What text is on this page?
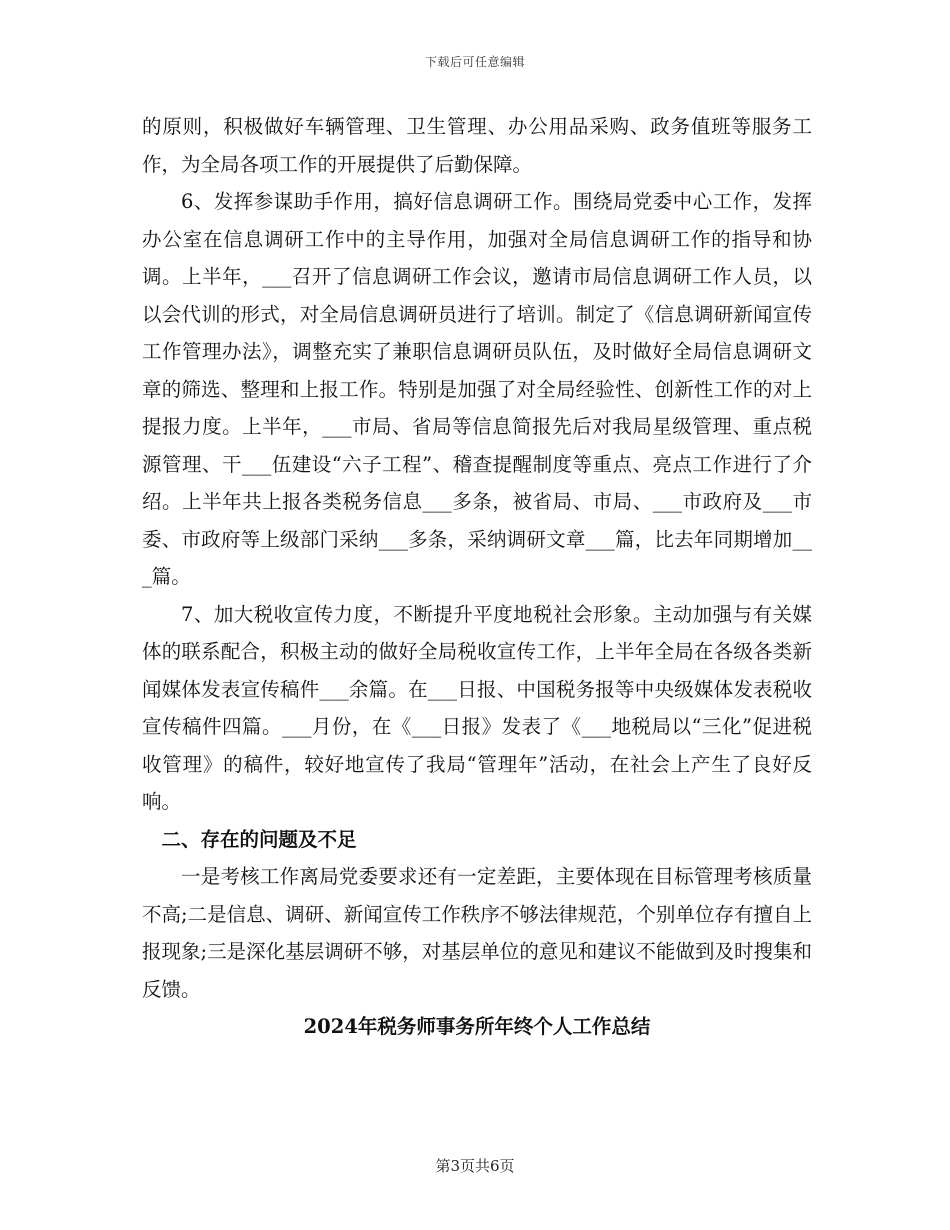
下载后可任意编辑

的原则，积极做好车辆管理、卫生管理、办公用品采购、政务值班等服务工作，为全局各项工作的开展提供了后勤保障。

6、发挥参谋助手作用，搞好信息调研工作。围绕局党委中心工作，发挥办公室在信息调研工作中的主导作用，加强对全局信息调研工作的指导和协调。上半年，___召开了信息调研工作会议，邀请市局信息调研工作人员，以以会代训的形式，对全局信息调研员进行了培训。制定了《信息调研新闻宣传工作管理办法》，调整充实了兼职信息调研员队伍，及时做好全局信息调研文章的筛选、整理和上报工作。特别是加强了对全局经验性、创新性工作的对上提报力度。上半年，___市局、省局等信息简报先后对我局星级管理、重点税源管理、干___伍建设“六子工程”、稽查提醒制度等重点、亮点工作进行了介绍。上半年共上报各类税务信息___多条，被省局、市局、___市政府及___市委、市政府等上级部门采纳___多条，采纳调研文章___篇，比去年同期增加___篇。

7、加大税收宣传力度，不断提升平度地税社会形象。主动加强与有关媒体的联系配合，积极主动的做好全局税收宣传工作，上半年全局在各级各类新闻媒体发表宣传稿件___余篇。在___日报、中国税务报等中央级媒体发表税收宣传稿件四篇。___月份，在《___日报》发表了《___地税局以“三化”促进税收管理》的稿件，较好地宣传了我局“管理年”活动，在社会上产生了良好反响。

二、存在的问题及不足

一是考核工作离局党委要求还有一定差距，主要体现在目标管理考核质量不高;二是信息、调研、新闻宣传工作秩序不够法律规范，个别单位存有擅自上报现象;三是深化基层调研不够，对基层单位的意见和建议不能做到及时搜集和反馈。

2024年税务师事务所年终个人工作总结

第3页共6页
